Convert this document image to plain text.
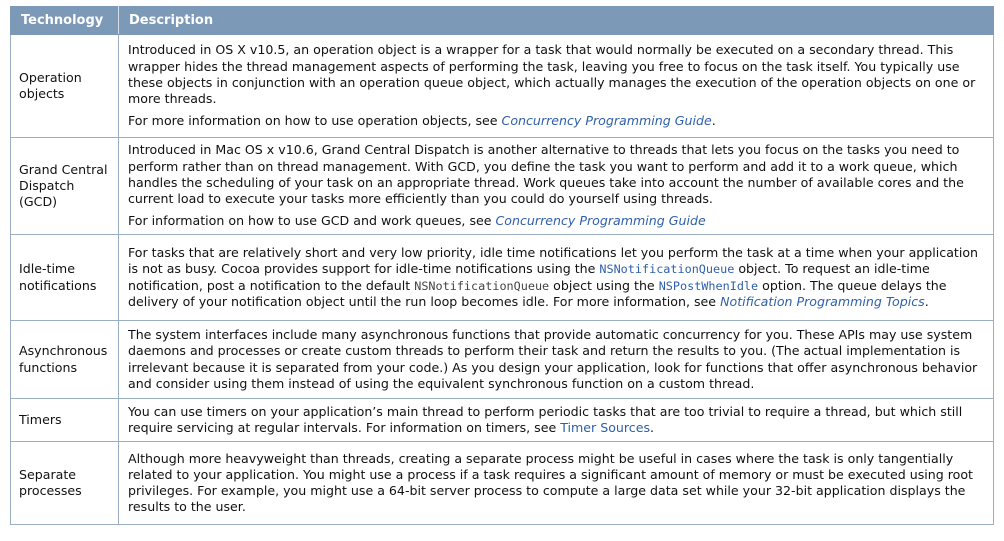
Technology	Description
Operation objects	Introduced in OS X v10.5, an operation object is a wrapper for a task that would normally be executed on a secondary thread. This wrapper hides the thread management aspects of performing the task, leaving you free to focus on the task itself. You typically use these objects in conjunction with an operation queue object, which actually manages the execution of the operation objects on one or more threads.

For more information on how to use operation objects, see Concurrency Programming Guide.

Grand Central Dispatch (GCD)	Introduced in Mac OS x v10.6, Grand Central Dispatch is another alternative to threads that lets you focus on the tasks you need to perform rather than on thread management. With GCD, you define the task you want to perform and add it to a work queue, which handles the scheduling of your task on an appropriate thread. Work queues take into account the number of available cores and the current load to execute your tasks more efficiently than you could do yourself using threads.

For information on how to use GCD and work queues, see Concurrency Programming Guide

Idle-time notifications	For tasks that are relatively short and very low priority, idle time notifications let you perform the task at a time when your application is not as busy. Cocoa provides support for idle-time notifications using the NSNotificationQueue object. To request an idle-time notification, post a notification to the default NSNotificationQueue object using the NSPostWhenIdle option. The queue delays the delivery of your notification object until the run loop becomes idle. For more information, see Notification Programming Topics.

Asynchronous functions	The system interfaces include many asynchronous functions that provide automatic concurrency for you. These APIs may use system daemons and processes or create custom threads to perform their task and return the results to you. (The actual implementation is irrelevant because it is separated from your code.) As you design your application, look for functions that offer asynchronous behavior and consider using them instead of using the equivalent synchronous function on a custom thread.

Timers	You can use timers on your application’s main thread to perform periodic tasks that are too trivial to require a thread, but which still require servicing at regular intervals. For information on timers, see Timer Sources.

Separate processes	Although more heavyweight than threads, creating a separate process might be useful in cases where the task is only tangentially related to your application. You might use a process if a task requires a significant amount of memory or must be executed using root privileges. For example, you might use a 64-bit server process to compute a large data set while your 32-bit application displays the results to the user.
